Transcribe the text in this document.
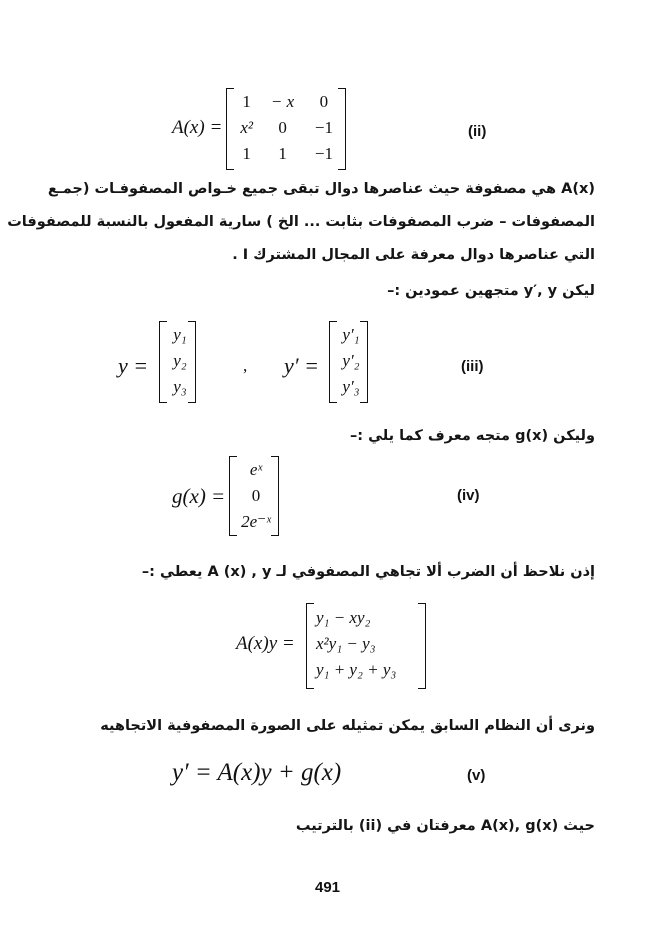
A(x) =
1	− x	0
x²	0	−1
1	1	−1
(ii)
A(x) هي مصفوفة حيث عناصرها دوال تبقى جميع خـواص المصفوفـات (جمـع
المصفوفات – ضرب المصفوفات بثابت ... الخ ) سارية المفعول بالنسبة للمصفوفات
التي عناصرها دوال معرفة على المجال المشترك I .
ليكن y′, y متجهين عمودين :–
y =
y₁
y₂
y₃
, y′ =
y′₁
y′₂
y′₃
(iii)
وليكن g(x) متجه معرف كما يلي :–
g(x) =
eˣ
0
2e⁻ˣ
(iv)
إذن نلاحظ أن الضرب ألا تجاهي المصفوفي لـ A (x) , y يعطي :–
A(x)y =
y₁ − xy₂
x²y₁ − y₃
y₁ + y₂ + y₃
ونرى أن النظام السابق يمكن تمثيله على الصورة المصفوفية الاتجاهيه
y′ = A(x)y + g(x)	(v)
حيث A(x), g(x) معرفتان في (ii) بالترتيب
491
